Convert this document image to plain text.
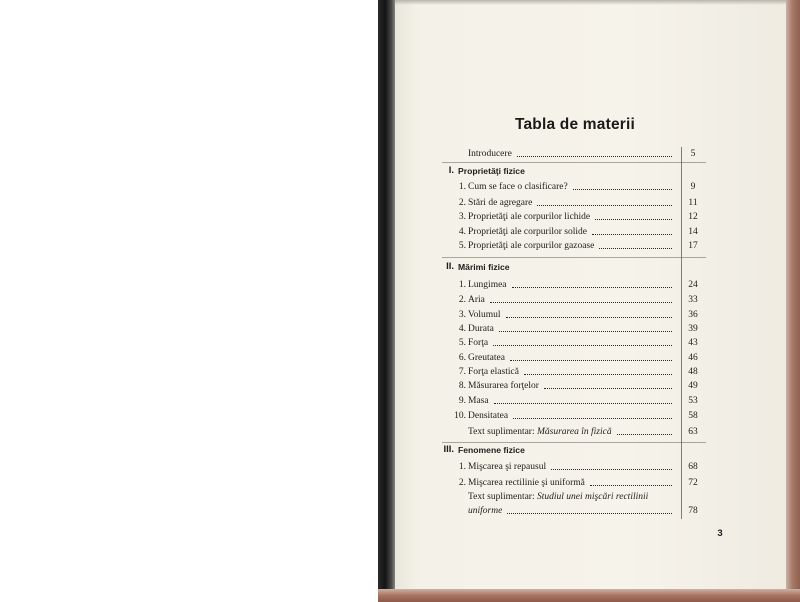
Tabla de materii
Introducere	5
I. Proprietăţi fizice
1. Cum se face o clasificare?	9
2. Stări de agregare	11
3. Proprietăţi ale corpurilor lichide	12
4. Proprietăţi ale corpurilor solide	14
5. Proprietăţi ale corpurilor gazoase	17
II. Mărimi fizice
1. Lungimea	24
2. Aria	33
3. Volumul	36
4. Durata	39
5. Forţa	43
6. Greutatea	46
7. Forţa elastică	48
8. Măsurarea forţelor	49
9. Masa	53
10. Densitatea	58
Text suplimentar: Măsurarea în fizică	63
III. Fenomene fizice
1. Mişcarea şi repausul	68
2. Mişcarea rectilinie şi uniformă	72
Text suplimentar: Studiul unei mişcări rectilinii
uniforme	78
3
